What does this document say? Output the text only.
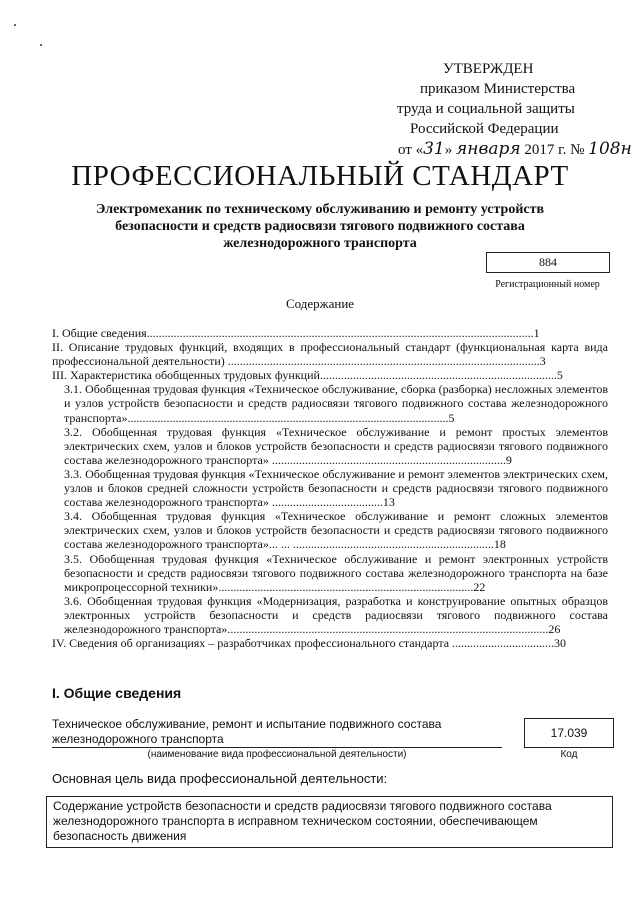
УТВЕРЖДЕН
приказом Министерства
труда и социальной защиты
Российской Федерации
от «31» января 2017 г. № 108н
ПРОФЕССИОНАЛЬНЫЙ СТАНДАРТ
Электромеханик по техническому обслуживанию и ремонту устройств безопасности и средств радиосвязи тягового подвижного состава железнодорожного транспорта
884
Регистрационный номер
Содержание
I. Общие сведения.................................................................................................................................1
II. Описание трудовых функций, входящих в профессиональный стандарт (функциональная карта вида профессиональной деятельности) ........................................................................................................3
III. Характеристика обобщенных трудовых функций...............................................................................5
3.1. Обобщенная трудовая функция «Техническое обслуживание, сборка (разборка) несложных элементов и узлов устройств безопасности и средств радиосвязи тягового подвижного состава железнодорожного транспорта»...........................................................................................................5
3.2. Обобщенная трудовая функция «Техническое обслуживание и ремонт простых элементов электрических схем, узлов и блоков устройств безопасности и средств радиосвязи тягового подвижного состава железнодорожного транспорта» ..............................................................................9
3.3. Обобщенная трудовая функция «Техническое обслуживание и ремонт элементов электрических схем, узлов и блоков средней сложности устройств безопасности и средств радиосвязи тягового подвижного состава железнодорожного транспорта» .....................................13
3.4. Обобщенная трудовая функция «Техническое обслуживание и ремонт сложных элементов электрических схем, узлов и блоков устройств безопасности и средств радиосвязи тягового подвижного состава железнодорожного транспорта»... ... ...................................................................18
3.5. Обобщенная трудовая функция «Техническое обслуживание и ремонт электронных устройств безопасности и средств радиосвязи тягового подвижного состава железнодорожного транспорта на базе микропроцессорной техники».....................................................................................22
3.6. Обобщенная трудовая функция «Модернизация, разработка и конструирование опытных образцов электронных устройств безопасности и средств радиосвязи тягового подвижного состава железнодорожного транспорта»...........................................................................................................26
IV. Сведения об организациях – разработчиках профессионального стандарта ..................................30
I. Общие сведения
Техническое обслуживание, ремонт и испытание подвижного состава железнодорожного транспорта
(наименование вида профессиональной деятельности)
17.039
Код
Основная цель вида профессиональной деятельности:
Содержание устройств безопасности и средств радиосвязи тягового подвижного состава железнодорожного транспорта в исправном техническом состоянии, обеспечивающем безопасность движения
